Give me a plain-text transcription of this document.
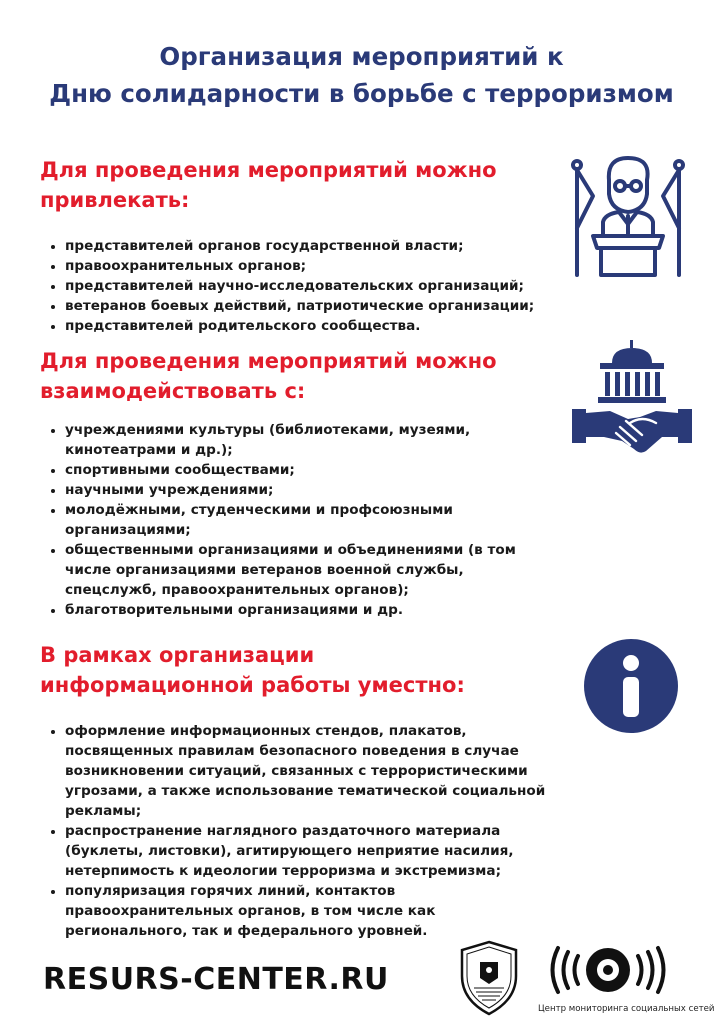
Организация мероприятий к
Дню солидарности в борьбе с терроризмом
Для проведения мероприятий можно
привлекать:
• представителей органов государственной власти;
• правоохранительных органов;
• представителей научно-исследовательских организаций;
• ветеранов боевых действий, патриотические организации;
• представителей родительского сообщества.
Для проведения мероприятий можно
взаимодействовать с:
• учреждениями культуры (библиотеками, музеями, кинотеатрами и др.);
• спортивными сообществами;
• научными учреждениями;
• молодёжными, студенческими и профсоюзными организациями;
• общественными организациями и объединениями (в том числе организациями ветеранов военной службы, спецслужб, правоохранительных органов);
• благотворительными организациями и др.
В рамках организации
информационной работы уместно:
• оформление информационных стендов, плакатов, посвященных правилам безопасного поведения в случае возникновении ситуаций, связанных с террористическими угрозами, а также использование тематической социальной рекламы;
• распространение наглядного раздаточного материала (буклеты, листовки), агитирующего неприятие насилия, нетерпимость к идеологии терроризма и экстремизма;
• популяризация горячих линий, контактов правоохранительных органов, в том числе как регионального, так и федерального уровней.
RESURS-CENTER.RU
Центр мониторинга социальных сетей
